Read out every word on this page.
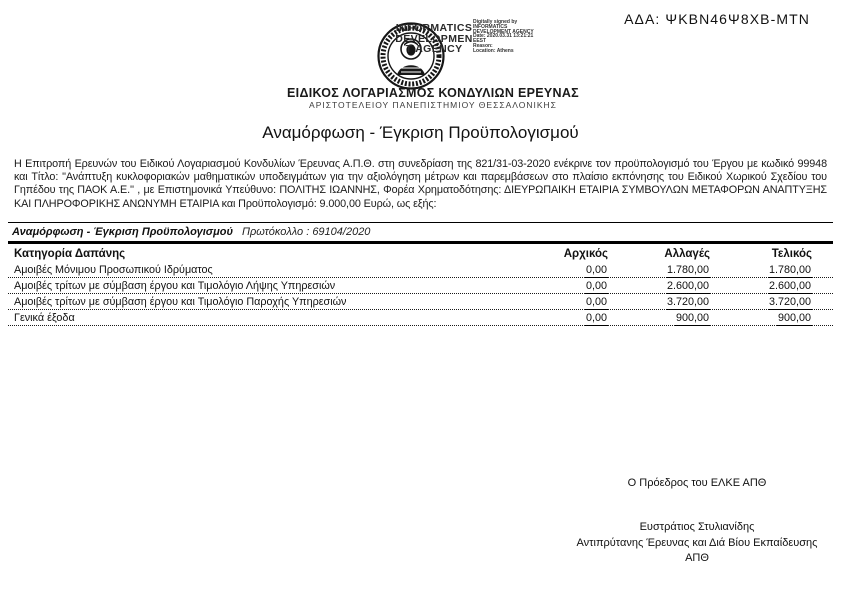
ΑΔΑ: ΨΚΒΝ46Ψ8ΧΒ-ΜΤΝ
INFORMATICS
DEVELOPMEN
T AGENCY
Digitally signed by
INFORMATICS
DEVELOPMENT AGENCY
Date: 2020.03.31 13:21:21
EEST
Reason:
Location: Athens
ΕΙΔΙΚΟΣ ΛΟΓΑΡΙΑΣΜΟΣ ΚΟΝΔΥΛΙΩΝ ΕΡΕΥΝΑΣ
ΑΡΙΣΤΟΤΕΛΕΙΟΥ ΠΑΝΕΠΙΣΤΗΜΙΟΥ ΘΕΣΣΑΛΟΝΙΚΗΣ
Αναμόρφωση - Έγκριση Προϋπολογισμού
Η Επιτροπή Ερευνών του Ειδικού Λογαριασμού Κονδυλίων Έρευνας Α.Π.Θ. στη συνεδρίαση της 821/31-03-2020 ενέκρινε τον προϋπολογισμό του Έργου με κωδικό 99948 και Τίτλο: "Ανάπτυξη κυκλοφοριακών μαθηματικών υποδειγμάτων για την αξιολόγηση μέτρων και παρεμβάσεων στο πλαίσιο εκπόνησης του Ειδικού Χωρικού Σχεδίου του Γηπέδου της ΠΑΟΚ Α.Ε.'' , με Επιστημονικά Υπεύθυνο: ΠΟΛΙΤΗΣ ΙΩΑΝΝΗΣ, Φορέα Χρηματοδότησης: ΔΙΕΥΡΩΠΑΙΚΗ ΕΤΑΙΡΙΑ ΣΥΜΒΟΥΛΩΝ ΜΕΤΑΦΟΡΩΝ ΑΝΑΠΤΥΞΗΣ ΚΑΙ ΠΛΗΡΟΦΟΡΙΚΗΣ ΑΝΩΝΥΜΗ ΕΤΑΙΡΙΑ και Προϋπολογισμό: 9.000,00 Ευρώ, ως εξής:
Αναμόρφωση - Έγκριση Προϋπολογισμού Πρωτόκολλο : 69104/2020
Κατηγορία Δαπάνης	Αρχικός	Αλλαγές	Τελικός
Αμοιβές Μόνιμου Προσωπικού Ιδρύματος	0,00	1.780,00	1.780,00
Αμοιβές τρίτων με σύμβαση έργου και Τιμολόγιο Λήψης Υπηρεσιών	0,00	2.600,00	2.600,00
Αμοιβές τρίτων με σύμβαση έργου και Τιμολόγιο Παροχής Υπηρεσιών	0,00	3.720,00	3.720,00
Γενικά έξοδα	0,00	900,00	900,00
Ο Πρόεδρος του ΕΛΚΕ ΑΠΘ
Ευστράτιος Στυλιανίδης
Αντιπρύτανης Έρευνας και Διά Βίου Εκπαίδευσης
ΑΠΘ
